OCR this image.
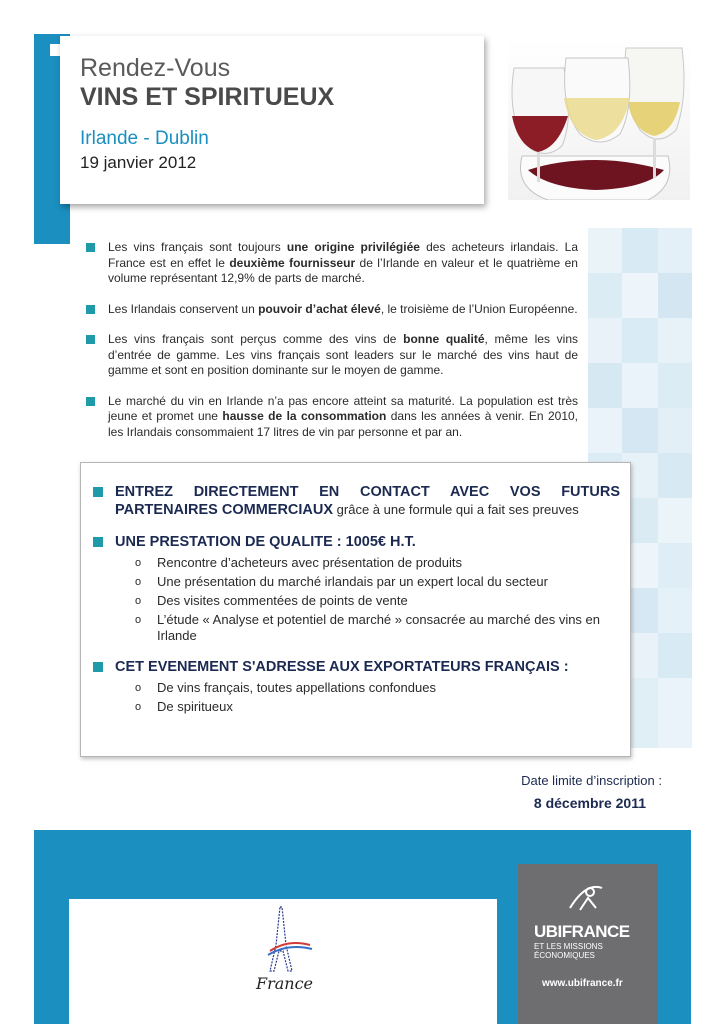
Rendez-Vous
VINS ET SPIRITUEUX
Irlande - Dublin
19 janvier 2012
Les vins français sont toujours une origine privilégiée des acheteurs irlandais. La France est en effet le deuxième fournisseur de l’Irlande en valeur et le quatrième en volume représentant 12,9% de parts de marché.
Les Irlandais conservent un pouvoir d’achat élevé, le troisième de l’Union Européenne.
Les vins français sont perçus comme des vins de bonne qualité, même les vins d’entrée de gamme. Les vins français sont leaders sur le marché des vins haut de gamme et sont en position dominante sur le moyen de gamme.
Le marché du vin en Irlande n’a pas encore atteint sa maturité. La population est très jeune et promet une hausse de la consommation dans les années à venir. En 2010, les Irlandais consommaient 17 litres de vin par personne et par an.
ENTREZ DIRECTEMENT EN CONTACT AVEC VOS FUTURS PARTENAIRES COMMERCIAUX grâce à une formule qui a fait ses preuves
UNE PRESTATION DE QUALITE : 1005€ H.T.
o Rencontre d’acheteurs avec présentation de produits
o Une présentation du marché irlandais par un expert local du secteur
o Des visites commentées de points de vente
o L’étude « Analyse et potentiel de marché » consacrée au marché des vins en Irlande
CET EVENEMENT S'ADRESSE AUX EXPORTATEURS FRANÇAIS :
o De vins français, toutes appellations confondues
o De spiritueux
Date limite d’inscription :
8 décembre 2011
France
UBIFRANCE
ET LES MISSIONS ÉCONOMIQUES
www.ubifrance.fr
